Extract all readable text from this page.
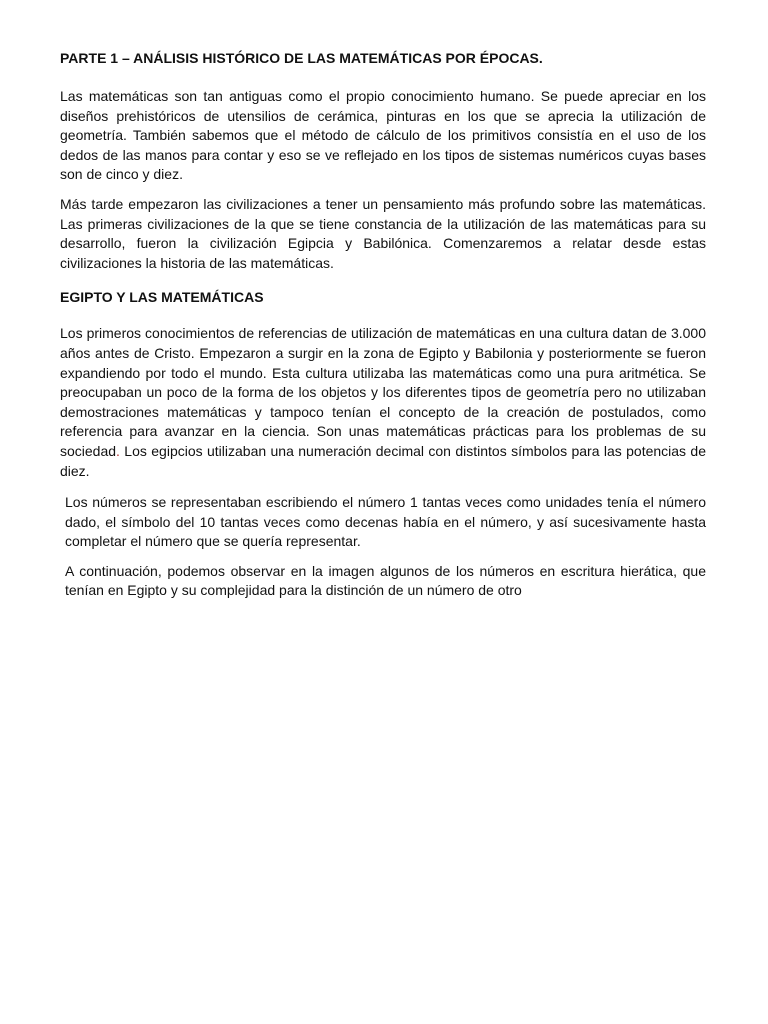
PARTE 1 – ANÁLISIS HISTÓRICO DE LAS MATEMÁTICAS POR ÉPOCAS.

Las matemáticas son tan antiguas como el propio conocimiento humano. Se puede apreciar en los diseños prehistóricos de utensilios de cerámica, pinturas en los que se aprecia la utilización de geometría. También sabemos que el método de cálculo de los primitivos consistía en el uso de los dedos de las manos para contar y eso se ve reflejado en los tipos de sistemas numéricos cuyas bases son de cinco y diez.

Más tarde empezaron las civilizaciones a tener un pensamiento más profundo sobre las matemáticas. Las primeras civilizaciones de la que se tiene constancia de la utilización de las matemáticas para su desarrollo, fueron la civilización Egipcia y Babilónica. Comenzaremos a relatar desde estas civilizaciones la historia de las matemáticas.

EGIPTO Y LAS MATEMÁTICAS

Los primeros conocimientos de referencias de utilización de matemáticas en una cultura datan de 3.000 años antes de Cristo. Empezaron a surgir en la zona de Egipto y Babilonia y posteriormente se fueron expandiendo por todo el mundo. Esta cultura utilizaba las matemáticas como una pura aritmética. Se preocupaban un poco de la forma de los objetos y los diferentes tipos de geometría pero no utilizaban demostraciones matemáticas y tampoco tenían el concepto de la creación de postulados, como referencia para avanzar en la ciencia. Son unas matemáticas prácticas para los problemas de su sociedad. Los egipcios utilizaban una numeración decimal con distintos símbolos para las potencias de diez.

Los números se representaban escribiendo el número 1 tantas veces como unidades tenía el número dado, el símbolo del 10 tantas veces como decenas había en el número, y así sucesivamente hasta completar el número que se quería representar.

A continuación, podemos observar en la imagen algunos de los números en escritura hierática, que tenían en Egipto y su complejidad para la distinción de un número de otro
